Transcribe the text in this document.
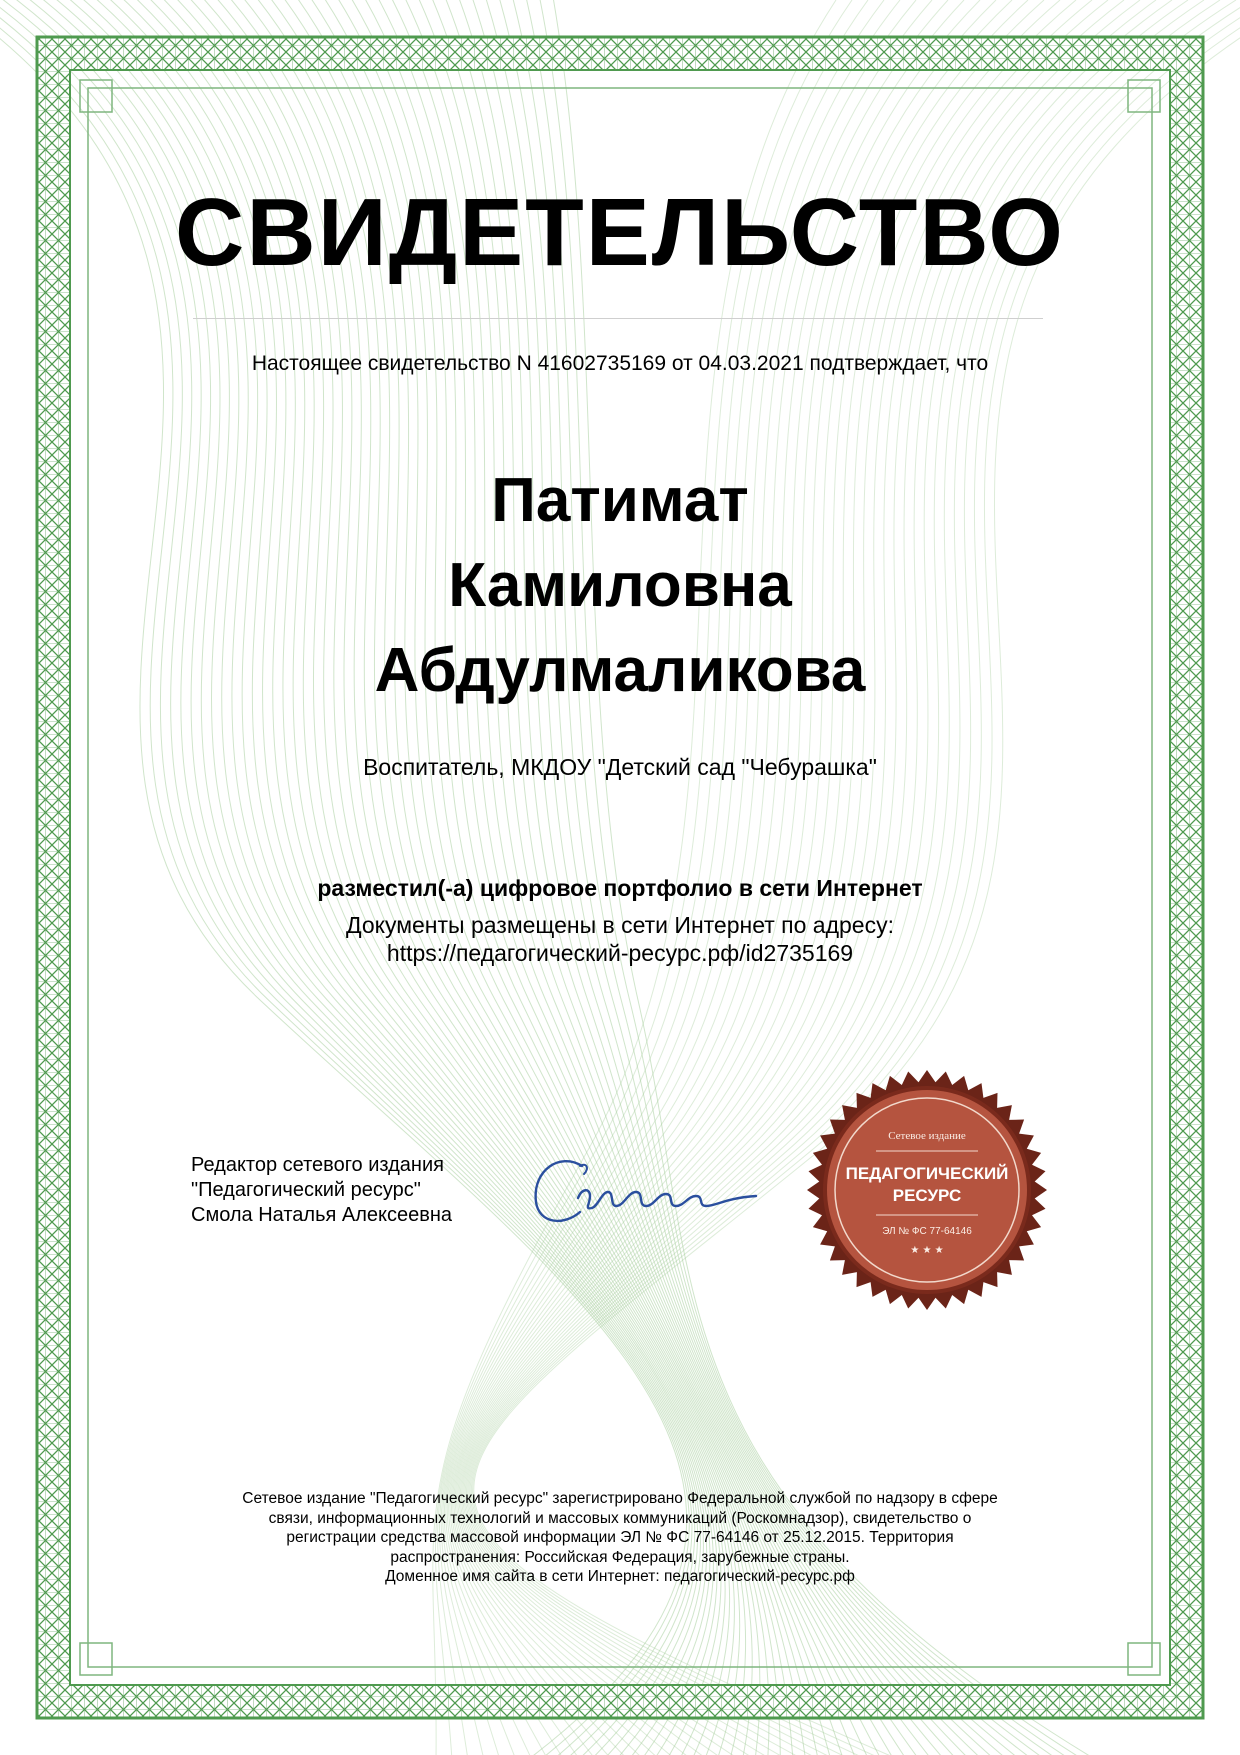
СВИДЕТЕЛЬСТВО
Настоящее свидетельство N 41602735169 от 04.03.2021 подтверждает, что
Патимат
Камиловна
Абдулмаликова
Воспитатель, МКДОУ "Детский сад "Чебурашка"
разместил(-а) цифровое портфолио в сети Интернет
Документы размещены в сети Интернет по адресу:
https://педагогический-ресурс.рф/id2735169
Редактор сетевого издания
"Педагогический ресурс"
Смола Наталья Алексеевна
Сетевое издание
ПЕДАГОГИЧЕСКИЙ
РЕСУРС
ЭЛ № ФС 77-64146
★ ★ ★
Сетевое издание "Педагогический ресурс" зарегистрировано Федеральной службой по надзору в сфере
связи, информационных технологий и массовых коммуникаций (Роскомнадзор), свидетельство о
регистрации средства массовой информации ЭЛ № ФС 77-64146 от 25.12.2015. Территория
распространения: Российская Федерация, зарубежные страны.
Доменное имя сайта в сети Интернет: педагогический-ресурс.рф
